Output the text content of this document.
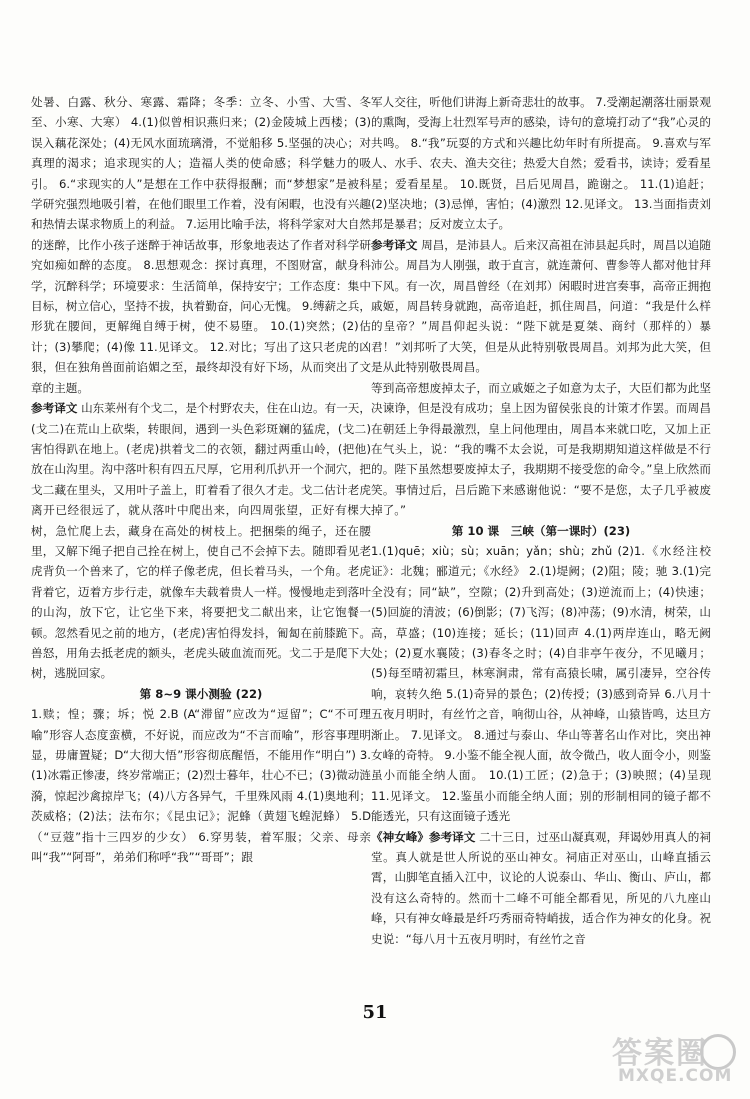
处暑、白露、秋分、寒露、霜降；冬季：立冬、小雪、大雪、冬至、小寒、大寒） 4.(1)似曾相识燕归来；(2)金陵城上西楼；(3)误入藕花深处；(4)无风水面琉璃滑，不觉船移 5.坚强的决心；对真理的渴求；追求现实的人；造福人类的使命感；科学魅力的吸引。 6.“求现实的人”是想在工作中获得报酬；而“梦想家”是被科学研究强烈地吸引着，在他们眼里工作着，没有闲暇，也没有兴趣和热情去谋求物质上的利益。 7.运用比喻手法，将科学家对大自然的迷醉，比作小孩子迷醉于神话故事，形象地表达了作者对科学研究如痴如醉的态度。 8.思想观念：探讨真理，不图财富，献身科学，沉醉科学；环境要求：生活简单，保持安宁；工作态度：集中目标，树立信心，坚持不拔，执着勤奋，问心无愧。 9.缚薪之兵，形犹在腰间，更解绳自缚于树，使不易堕。 10.(1)突然；(2)估计；(3)攀爬；(4)像 11.见译文。 12.对比；写出了这只老虎的凶狠，但在独角兽面前谄媚之至，最终却没有好下场，从而突出了文章的主题。

参考译文 山东莱州有个戈二，是个村野农夫，住在山边。有一天，(戈二)在荒山上砍柴，转眼间，遇到一头色彩斑斓的猛虎，(戈二)害怕得趴在地上。(老虎)拱着戈二的衣领，翻过两重山岭，(把他)放在山沟里。沟中落叶积有四五尺厚，它用利爪扒开一个洞穴，把戈二藏在里头，又用叶子盖上，盯着看了很久才走。戈二估计老虎离开已经很远了，就从落叶中爬出来，向四周张望，正好有棵大树，急忙爬上去，藏身在高处的树枝上。把捆柴的绳子，还在腰里，又解下绳子把自己拴在树上，使自己不会掉下去。随即看见老虎背负一个兽来了，它的样子像老虎，但长着马头，一个角。老虎背着它，迈着方步行走，就像车夫载着贵人一样。慢慢地走到落叶的山沟，放下它，让它坐下来，将要把戈二献出来，让它饱餐一顿。忽然看见之前的地方，(老虎)害怕得发抖，匍匐在前膝跪下。兽怒，用角去抵老虎的额头，老虎头破血流而死。戈二于是爬下大树，逃脱回家。

第 8~9 课小测验 (22)

1.赎；惶；骤；坼；悦 2.B (A“滞留”应改为“逗留”；C“不可理喻”形容人态度蛮横，不好说，而应改为“不言而喻”，形容事理明显，毋庸置疑；D“大彻大悟”形容彻底醒悟，不能用作“明白”) 3.(1)冰霜正惨凄，终岁常端正；(2)烈士暮年，壮心不已；(3)微动涟漪，惊起沙禽掠岸飞；(4)八方各异气，千里殊风雨 4.(1)奥地利；茨威格；(2)法；法布尔；《昆虫记》；泥蜂（黄翅飞蝗泥蜂） 5.D（“豆蔻”指十三四岁的少女） 6.穿男装，着军服；父亲、母亲叫“我”“阿哥”，弟弟们称呼“我”“哥哥”；跟

军人交往，听他们讲海上新奇悲壮的故事。 7.受潮起潮落壮丽景观的熏陶，受海上壮烈军号声的感染，诗句的意境打动了“我”心灵的共鸣。 8.“我”玩耍的方式和兴趣比幼年时有所提高。 9.喜欢与军人、水手、农夫、渔夫交往；热爱大自然；爱看书，读诗；爱看星星；爱看星星。 10.既贤，吕后见周昌，跪谢之。 11.(1)追赶；(2)坚决地；(3)忌惮，害怕；(4)激烈 12.见译文。 13.当面指责刘邦是暴君；反对废立太子。

参考译文 周昌，是沛县人。后来汉高祖在沛县起兵时，周昌以追随沛公。周昌为人刚强，敢于直言，就连萧何、曹参等人都对他甘拜下风。有一次，周昌曾经（在刘邦）闲暇时进宫奏事，高帝正拥抱戚姬，周昌转身就跑，高帝追赶，抓住周昌，问道：“我是什么样的皇帝？”周昌仰起头说：“陛下就是夏桀、商纣（那样的）暴君！”刘邦听了大笑，但是从此特别敬畏周昌。刘邦为此大笑，但是从此特别敬畏周昌。

等到高帝想废掉太子，而立戚姬之子如意为太子，大臣们都为此坚决谏诤，但是没有成功；皇上因为留侯张良的计策才作罢。而周昌在朝廷上争得最激烈，皇上问他理由，周昌本来就口吃，又加上正在气头上，说：“我的嘴不太会说，可是我期期知道这样做是不行的。陛下虽然想要废掉太子，我期期不接受您的命令。”皇上欣然而笑。事情过后，吕后跪下来感谢他说：“要不是您，太子几乎被废掉了。”

第 10 课　三峡（第一课时）(23)

1.(1)quē；xiù；sù；xuān；yǎn；shù；zhǔ (2)1.《水经注校证》：北魏；郦道元；《水经》 2.(1)堤阙；(2)阻；陵；驰 3.(1)完全没有；同“缺”，空隙；(2)升到高处；(3)逆流而上；(4)快速；(5)回旋的清波；(6)倒影；(7)飞泻；(8)冲荡；(9)水清，树荣，山高，草盛；(10)连接；延长；(11)回声 4.(1)两岸连山，略无阙处；(2)夏水襄陵；(3)春冬之时；(4)自非亭午夜分，不见曦月；(5)每至晴初霜旦，林寒涧肃，常有高猿长啸，属引凄异，空谷传响，哀转久绝 5.(1)奇异的景色；(2)传授；(3)感到奇异 6.八月十五夜月明时，有丝竹之音，响彻山谷，从神峰，山猿皆鸣，达旦方渐止。 7.见译文。 8.通过与泰山、华山等著名山作对比，突出神女峰的奇特。 9.小鉴不能全视人面，故令微凸，收人面令小，则鉴虽小而能全纳人面。 10.(1)工匠；(2)急于；(3)映照；(4)呈现 11.见译文。 12.鉴虽小而能全纳人面；别的形制相同的镜子都不能透光，只有这面镜子透光

《神女峰》参考译文 二十三日，过巫山凝真观，拜谒妙用真人的祠堂。真人就是世人所说的巫山神女。祠庙正对巫山，山峰直插云霄，山脚笔直插入江中，议论的人说泰山、华山、衡山、庐山，都没有这么奇特的。然而十二峰不可能全都看见，所见的八九座山峰，只有神女峰最是纤巧秀丽奇特峭拔，适合作为神女的化身。祝史说：“每八月十五夜月明时，有丝竹之音

51
答案圈
MXQE.COM
